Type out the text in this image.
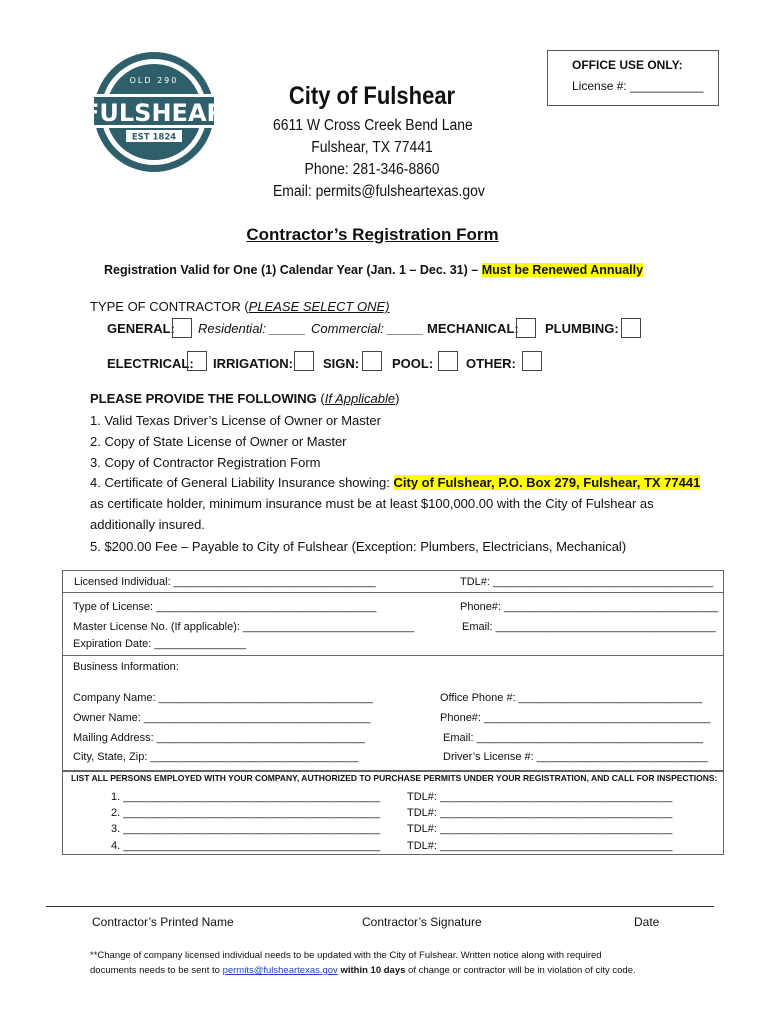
FULSHEAR
OLD 290
EST 1824
OFFICE USE ONLY:
License #: ___________
City of Fulshear
6611 W Cross Creek Bend Lane
Fulshear, TX 77441
Phone: 281-346-8860
Email: permits@fulsheartexas.gov
Contractor’s Registration Form
Registration Valid for One (1) Calendar Year (Jan. 1 – Dec. 31) – Must be Renewed Annually
TYPE OF CONTRACTOR (PLEASE SELECT ONE)
GENERAL: Residential: _____ Commercial: _____ MECHANICAL: PLUMBING:
ELECTRICAL: IRRIGATION: SIGN:	POOL:	OTHER:
PLEASE PROVIDE THE FOLLOWING (If Applicable)
1. Valid Texas Driver’s License of Owner or Master
2. Copy of State License of Owner or Master
3. Copy of Contractor Registration Form
4. Certificate of General Liability Insurance showing: City of Fulshear, P.O. Box 279, Fulshear, TX 77441
as certificate holder, minimum insurance must be at least $100,000.00 with the City of Fulshear as
additionally insured.
5. $200.00 Fee – Payable to City of Fulshear (Exception: Plumbers, Electricians, Mechanical)
Licensed Individual: _________________________________	TDL#: ____________________________________
Type of License: ____________________________________	Phone#: ___________________________________
Master License No. (If applicable): ____________________________	Email: ____________________________________
Expiration Date: _______________
Business Information:
Company Name: ___________________________________	Office Phone #: ______________________________
Owner Name: _____________________________________	Phone#: _____________________________________
Mailing Address: __________________________________	Email: _____________________________________
City, State, Zip: __________________________________	Driver’s License #: ____________________________
LIST ALL PERSONS EMPLOYED WITH YOUR COMPANY, AUTHORIZED TO PURCHASE PERMITS UNDER YOUR REGISTRATION, AND CALL FOR INSPECTIONS:
1. __________________________________________ TDL#: ______________________________________
2. __________________________________________ TDL#: ______________________________________
3. __________________________________________ TDL#: ______________________________________
4. __________________________________________ TDL#: ______________________________________
Contractor’s Printed Name	Contractor’s Signature	Date
**Change of company licensed individual needs to be updated with the City of Fulshear. Written notice along with required
documents needs to be sent to permits@fulsheartexas.gov within 10 days of change or contractor will be in violation of city code.
